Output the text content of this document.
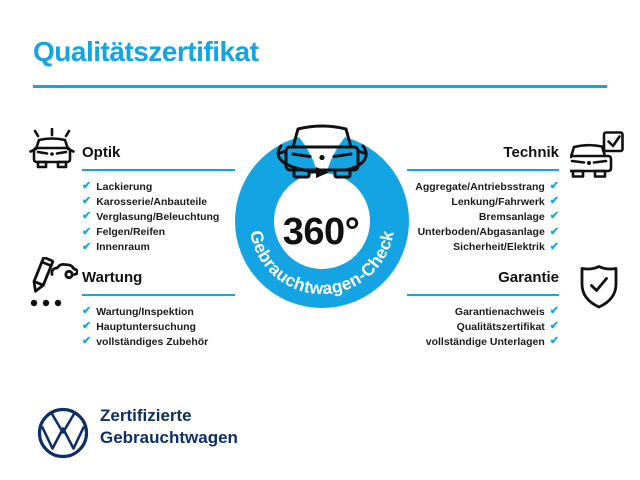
Qualitätszertifikat
Optik
✔ Lackierung
✔ Karosserie/Anbauteile
✔ Verglasung/Beleuchtung
✔ Felgen/Reifen
✔ Innenraum
Technik
✔
Aggregate/Antriebsstrang
✔
Lenkung/Fahrwerk
✔
Bremsanlage
✔
Unterboden/Abgasanlage
✔
Sicherheit/Elektrik
Wartung
✔ Wartung/Inspektion
✔ Hauptuntersuchung
✔ vollständiges Zubehör
Garantie
✔
Garantienachweis
✔
Qualitätszertifikat
✔
vollständige Unterlagen
Gebrauchtwagen-Check
360°
Zertifizierte
Gebrauchtwagen
